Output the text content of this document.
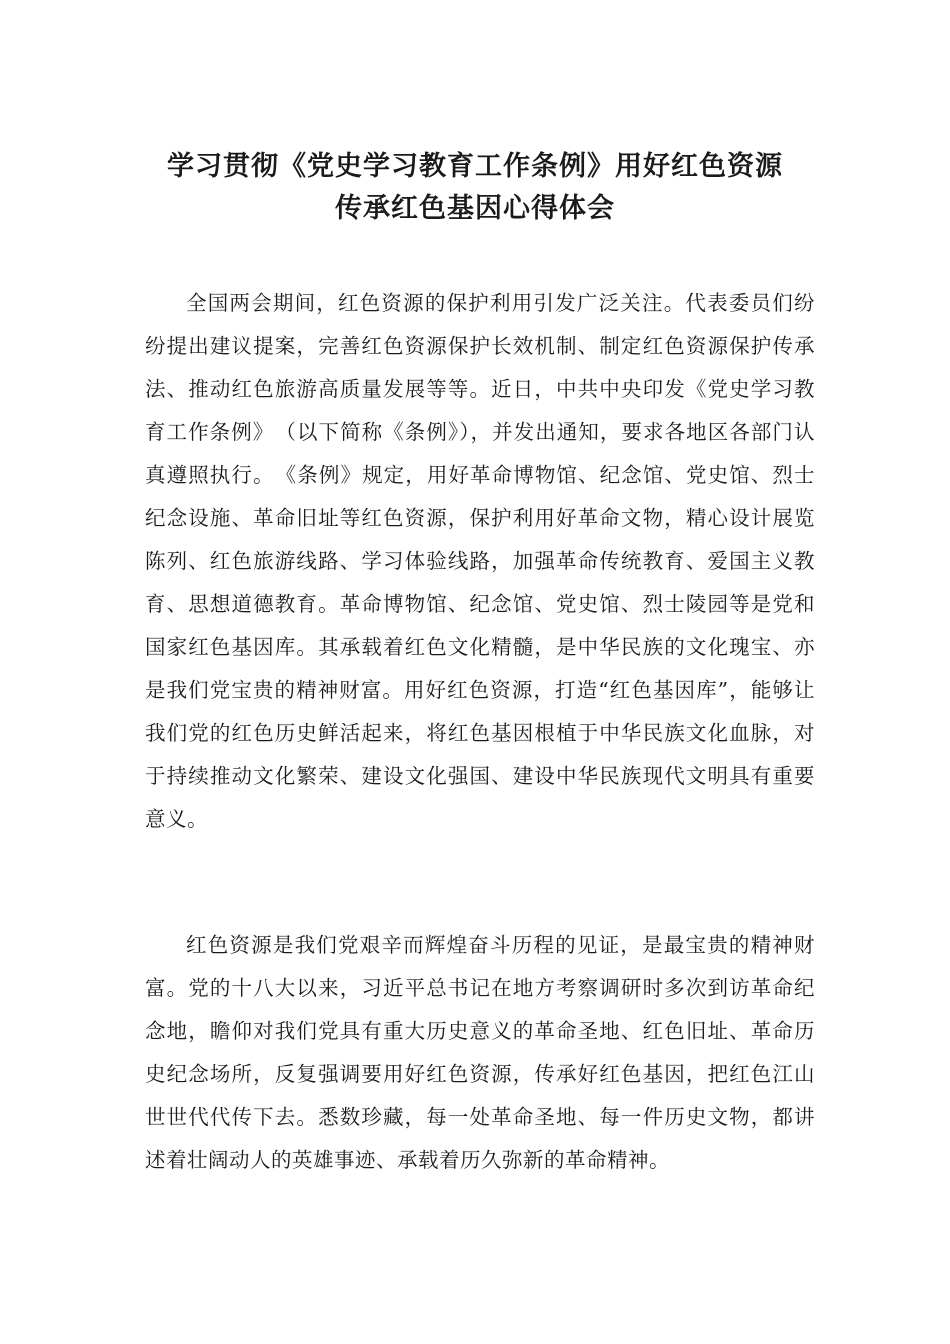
学习贯彻《党史学习教育工作条例》用好红色资源
传承红色基因心得体会

全国两会期间，红色资源的保护利用引发广泛关注。代表委员们纷纷提出建议提案，完善红色资源保护长效机制、制定红色资源保护传承法、推动红色旅游高质量发展等等。近日，中共中央印发《党史学习教育工作条例》　（以下简称《条例》），并发出通知，要求各地区各部门认真遵照执行。　《条例》规定，用好革命博物馆、纪念馆、党史馆、烈士纪念设施、革命旧址等红色资源，保护利用好革命文物，精心设计展览陈列、红色旅游线路、学习体验线路，加强革命传统教育、爱国主义教育、思想道德教育。革命博物馆、纪念馆、党史馆、烈士陵园等是党和国家红色基因库。其承载着红色文化精髓，是中华民族的文化瑰宝、亦是我们党宝贵的精神财富。用好红色资源，打造“红色基因库”，能够让我们党的红色历史鲜活起来，将红色基因根植于中华民族文化血脉，对于持续推动文化繁荣、建设文化强国、建设中华民族现代文明具有重要意义。

红色资源是我们党艰辛而辉煌奋斗历程的见证，是最宝贵的精神财富。党的十八大以来，习近平总书记在地方考察调研时多次到访革命纪念地，瞻仰对我们党具有重大历史意义的革命圣地、红色旧址、革命历史纪念场所，反复强调要用好红色资源，传承好红色基因，把红色江山世世代代传下去。悉数珍藏，每一处革命圣地、每一件历史文物，都讲述着壮阔动人的英雄事迹、承载着历久弥新的革命精神。
